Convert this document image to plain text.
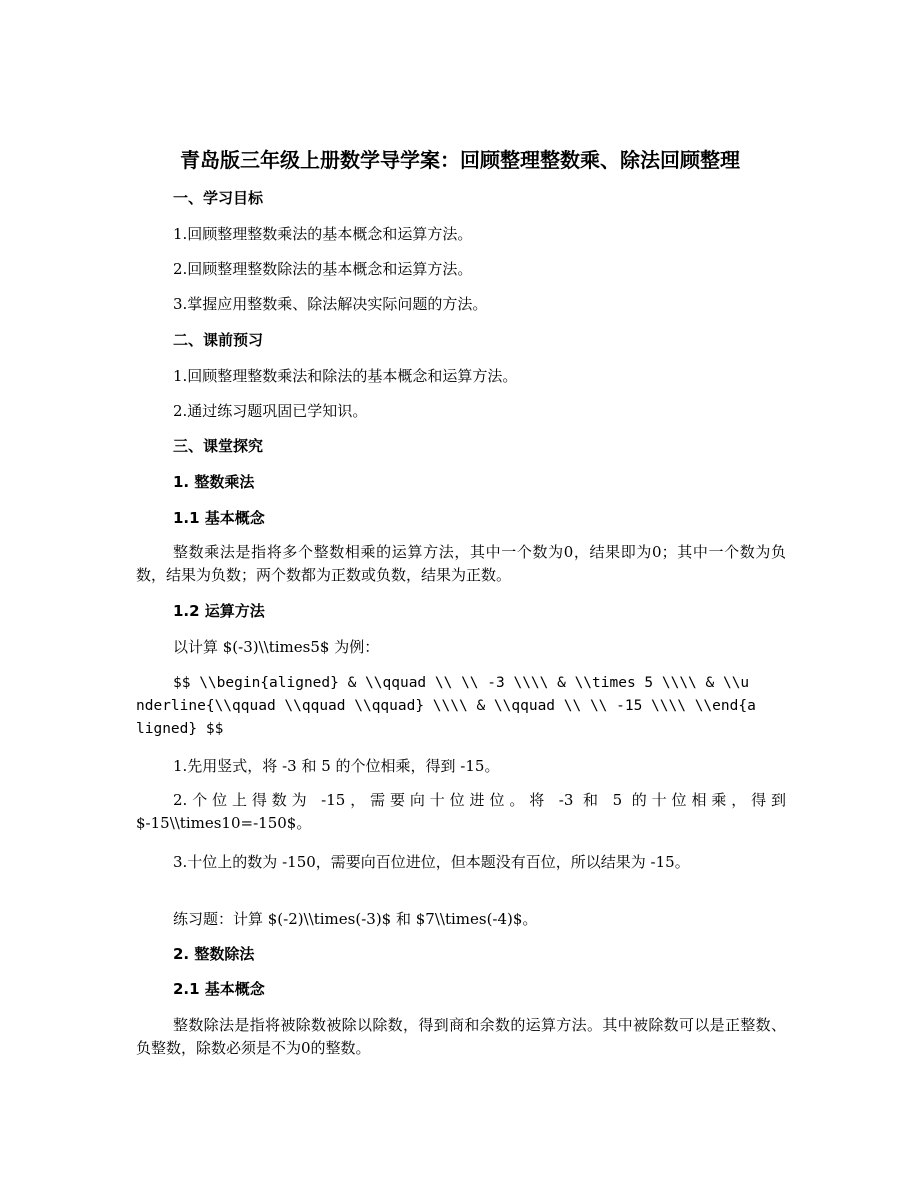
青岛版三年级上册数学导学案：回顾整理整数乘、除法回顾整理
一、学习目标
1.回顾整理整数乘法的基本概念和运算方法。
2.回顾整理整数除法的基本概念和运算方法。
3.掌握应用整数乘、除法解决实际问题的方法。
二、课前预习
1.回顾整理整数乘法和除法的基本概念和运算方法。
2.通过练习题巩固已学知识。
三、课堂探究
1. 整数乘法
1.1 基本概念
整数乘法是指将多个整数相乘的运算方法，其中一个数为0，结果即为0；其中一个数为负数，结果为负数；两个数都为正数或负数，结果为正数。
1.2 运算方法
以计算 $(-3)\\times5$ 为例：
$$ \\begin{aligned} & \\qquad \\ \\ -3 \\\\ & \\times 5 \\\\ & \\underline{\\qquad \\qquad \\qquad} \\\\ & \\qquad \\ \\ -15 \\\\ \\end{aligned} $$
1.先用竖式，将 -3 和 5 的个位相乘，得到 -15。
2.个位上得数为 -15，需要向十位进位。将 -3 和 5 的十位相乘，得到 $-15\\times10=-150$。
3.十位上的数为 -150，需要向百位进位，但本题没有百位，所以结果为 -15。
练习题：计算 $(-2)\\times(-3)$ 和 $7\\times(-4)$。
2. 整数除法
2.1 基本概念
整数除法是指将被除数被除以除数，得到商和余数的运算方法。其中被除数可以是正整数、负整数，除数必须是不为0的整数。
